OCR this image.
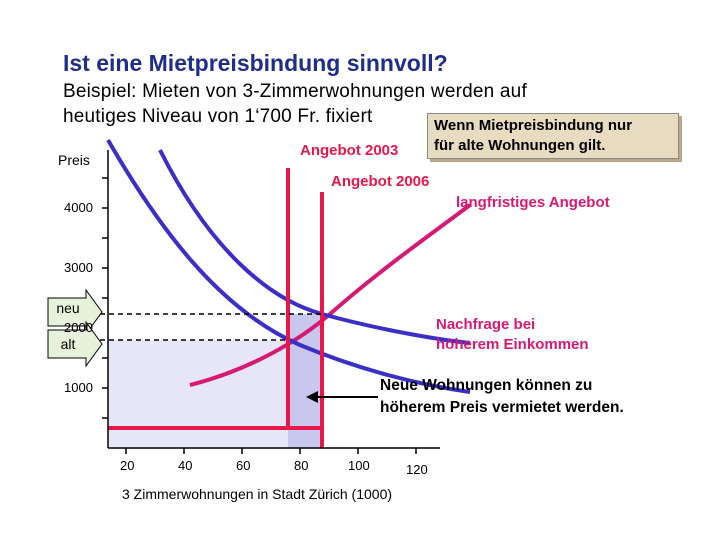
Ist eine Mietpreisbindung sinnvoll?
Beispiel: Mieten von 3-Zimmerwohnungen werden auf
heutiges Niveau von 1‘700 Fr. fixiert	Wenn Mietpreisbindung nur
für alte Wohnungen gilt.
Preis
4000
3000
2000
1000
20	40	60	80	100	120
3 Zimmerwohnungen in Stadt Zürich (1000)
neu
alt
Angebot 2003
Angebot 2006
langfristiges Angebot
Nachfrage bei
höherem Einkommen
Neue Wohnungen können zu
höherem Preis vermietet werden.
